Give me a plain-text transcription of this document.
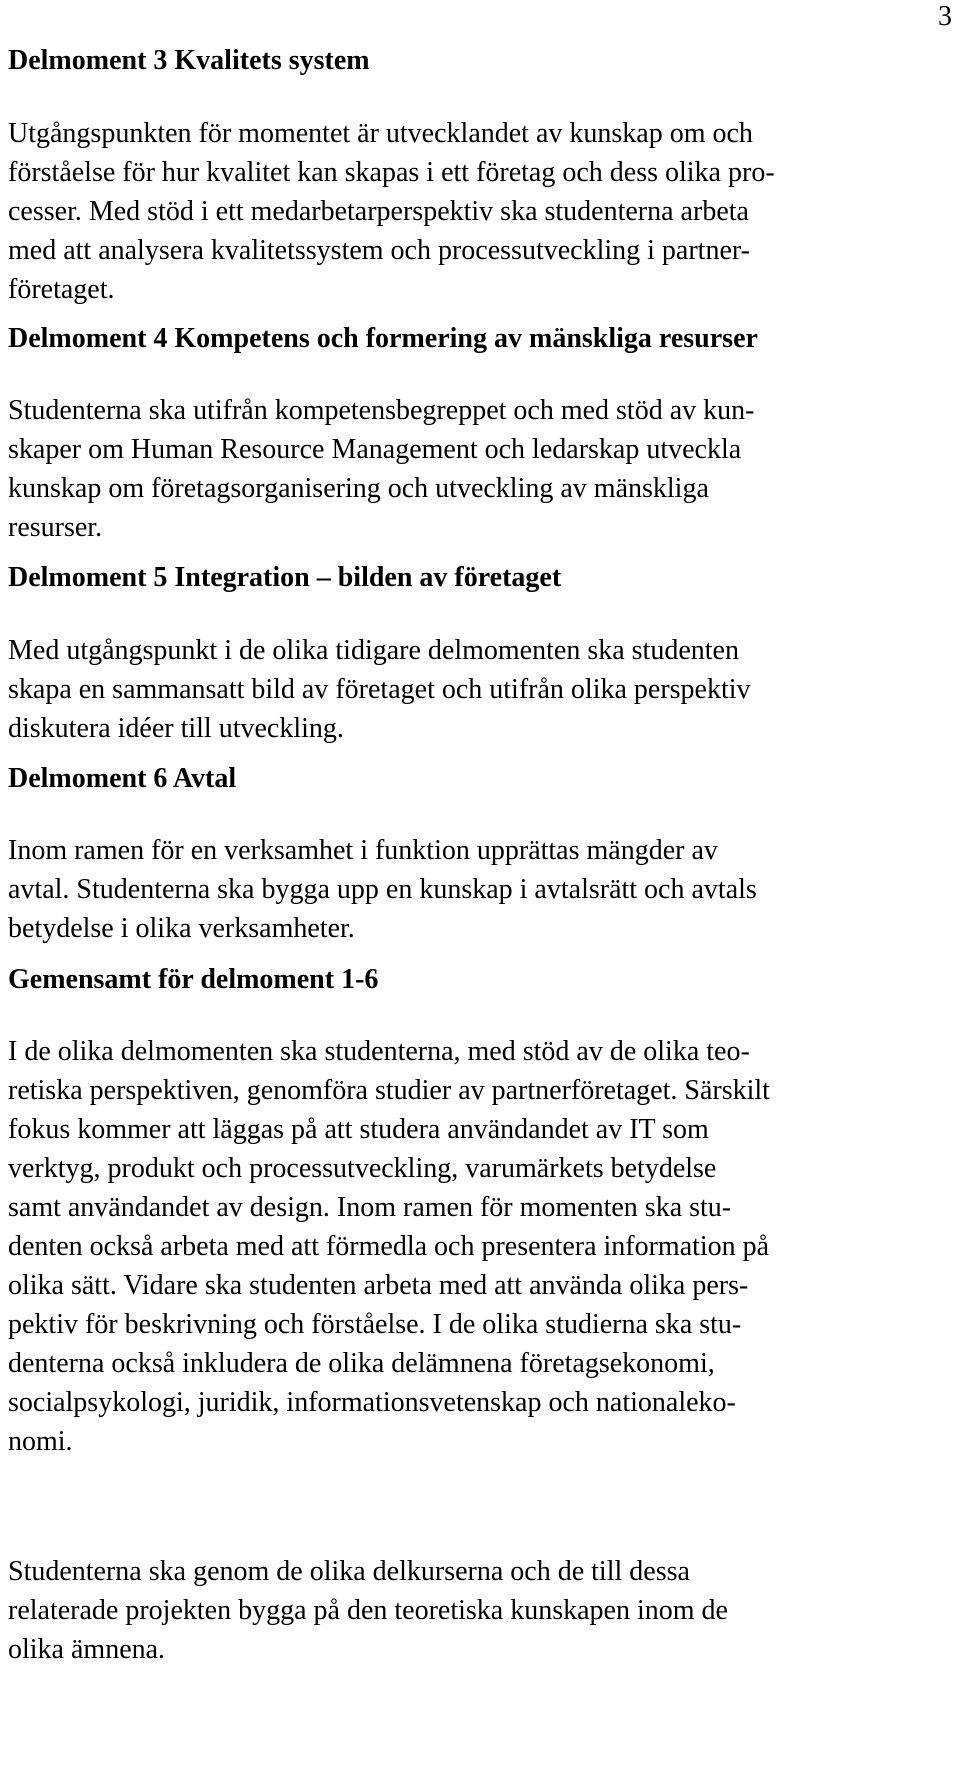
3
Delmoment 3 Kvalitets system

Utgångspunkten för momentet är utvecklandet av kunskap om och
förståelse för hur kvalitet kan skapas i ett företag och dess olika pro-
cesser. Med stöd i ett medarbetarperspektiv ska studenterna arbeta
med att analysera kvalitetssystem och processutveckling i partner-
företaget.

Delmoment 4 Kompetens och formering av mänskliga resurser

Studenterna ska utifrån kompetensbegreppet och med stöd av kun-
skaper om Human Resource Management och ledarskap utveckla
kunskap om företagsorganisering och utveckling av mänskliga
resurser.

Delmoment 5 Integration – bilden av företaget

Med utgångspunkt i de olika tidigare delmomenten ska studenten
skapa en sammansatt bild av företaget och utifrån olika perspektiv
diskutera idéer till utveckling.

Delmoment 6 Avtal

Inom ramen för en verksamhet i funktion upprättas mängder av
avtal. Studenterna ska bygga upp en kunskap i avtalsrätt och avtals
betydelse i olika verksamheter.

Gemensamt för delmoment 1-6

I de olika delmomenten ska studenterna, med stöd av de olika teo-
retiska perspektiven, genomföra studier av partnerföretaget. Särskilt
fokus kommer att läggas på att studera användandet av IT som
verktyg, produkt och processutveckling, varumärkets betydelse
samt användandet av design. Inom ramen för momenten ska stu-
denten också arbeta med att förmedla och presentera information på
olika sätt. Vidare ska studenten arbeta med att använda olika pers-
pektiv för beskrivning och förståelse. I de olika studierna ska stu-
denterna också inkludera de olika delämnena företagsekonomi,
socialpsykologi, juridik, informationsvetenskap och nationaleko-
nomi.

Studenterna ska genom de olika delkurserna och de till dessa
relaterade projekten bygga på den teoretiska kunskapen inom de
olika ämnena.
